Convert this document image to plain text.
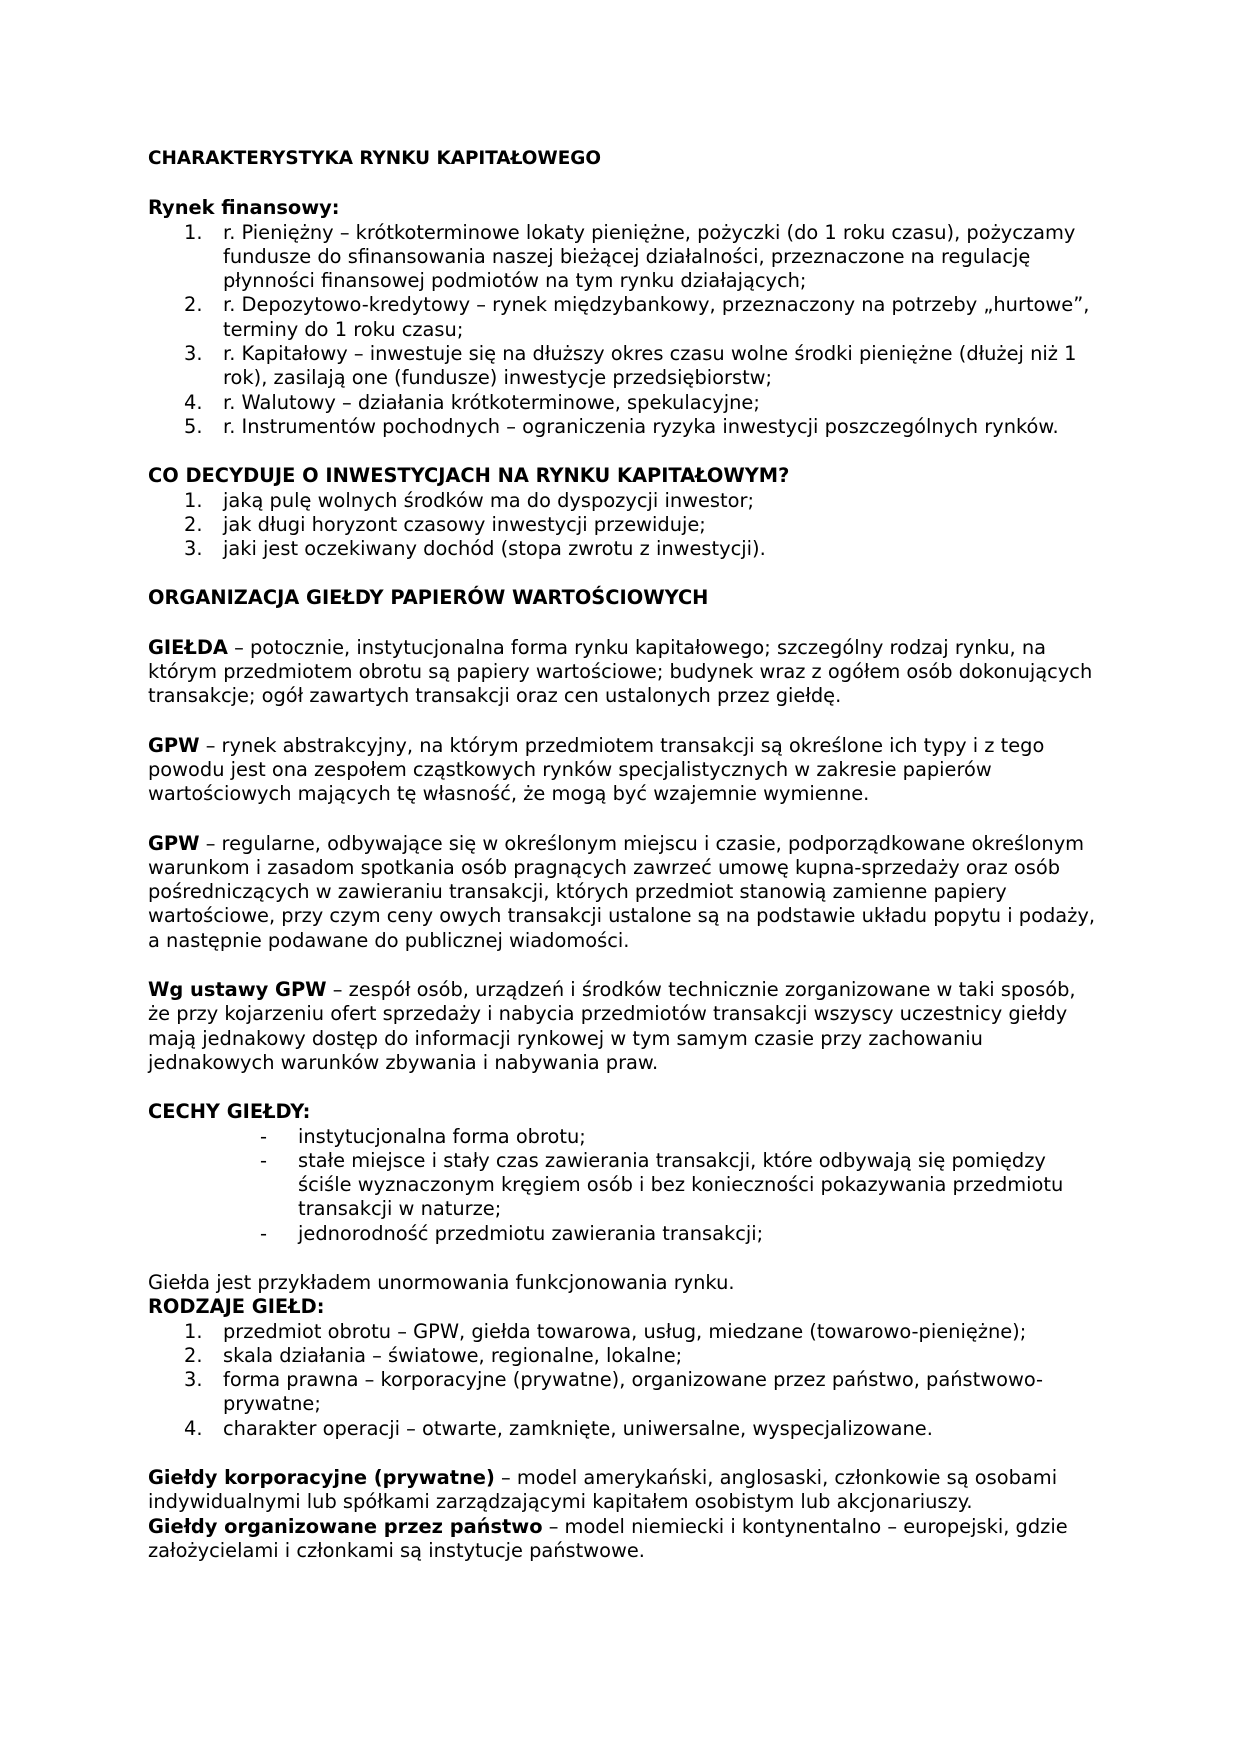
CHARAKTERYSTYKA RYNKU KAPITAŁOWEGO

Rynek finansowy:

1. r. Pieniężny – krótkoterminowe lokaty pieniężne, pożyczki (do 1 roku czasu), pożyczamy fundusze do sfinansowania naszej bieżącej działalności, przeznaczone na regulację płynności finansowej podmiotów na tym rynku działających;
2. r. Depozytowo-kredytowy – rynek międzybankowy, przeznaczony na potrzeby „hurtowe”, terminy do 1 roku czasu;
3. r. Kapitałowy – inwestuje się na dłuższy okres czasu wolne środki pieniężne (dłużej niż 1 rok), zasilają one (fundusze) inwestycje przedsiębiorstw;
4. r. Walutowy – działania krótkoterminowe, spekulacyjne;
5. r. Instrumentów pochodnych – ograniczenia ryzyka inwestycji poszczególnych rynków.

CO DECYDUJE O INWESTYCJACH NA RYNKU KAPITAŁOWYM?

1. jaką pulę wolnych środków ma do dyspozycji inwestor;
2. jak długi horyzont czasowy inwestycji przewiduje;
3. jaki jest oczekiwany dochód (stopa zwrotu z inwestycji).

ORGANIZACJA GIEŁDY PAPIERÓW WARTOŚCIOWYCH

GIEŁDA – potocznie, instytucjonalna forma rynku kapitałowego; szczególny rodzaj rynku, na którym przedmiotem obrotu są papiery wartościowe; budynek wraz z ogółem osób dokonujących transakcje; ogół zawartych transakcji oraz cen ustalonych przez giełdę.

GPW – rynek abstrakcyjny, na którym przedmiotem transakcji są określone ich typy i z tego powodu jest ona zespołem cząstkowych rynków specjalistycznych w zakresie papierów wartościowych mających tę własność, że mogą być wzajemnie wymienne.

GPW – regularne, odbywające się w określonym miejscu i czasie, podporządkowane określonym warunkom i zasadom spotkania osób pragnących zawrzeć umowę kupna-sprzedaży oraz osób pośredniczących w zawieraniu transakcji, których przedmiot stanowią zamienne papiery wartościowe, przy czym ceny owych transakcji ustalone są na podstawie układu popytu i podaży, a następnie podawane do publicznej wiadomości.

Wg ustawy GPW – zespół osób, urządzeń i środków technicznie zorganizowane w taki sposób, że przy kojarzeniu ofert sprzedaży i nabycia przedmiotów transakcji wszyscy uczestnicy giełdy mają jednakowy dostęp do informacji rynkowej w tym samym czasie przy zachowaniu jednakowych warunków zbywania i nabywania praw.

CECHY GIEŁDY:

- instytucjonalna forma obrotu;
- stałe miejsce i stały czas zawierania transakcji, które odbywają się pomiędzy ściśle wyznaczonym kręgiem osób i bez konieczności pokazywania przedmiotu transakcji w naturze;
- jednorodność przedmiotu zawierania transakcji;

Giełda jest przykładem unormowania funkcjonowania rynku.

RODZAJE GIEŁD:

1. przedmiot obrotu – GPW, giełda towarowa, usług, miedzane (towarowo-pieniężne);
2. skala działania – światowe, regionalne, lokalne;
3. forma prawna – korporacyjne (prywatne), organizowane przez państwo, państwowo-prywatne;
4. charakter operacji – otwarte, zamknięte, uniwersalne, wyspecjalizowane.

Giełdy korporacyjne (prywatne) – model amerykański, anglosaski, członkowie są osobami indywidualnymi lub spółkami zarządzającymi kapitałem osobistym lub akcjonariuszy.

Giełdy organizowane przez państwo – model niemiecki i kontynentalno – europejski, gdzie założycielami i członkami są instytucje państwowe.
